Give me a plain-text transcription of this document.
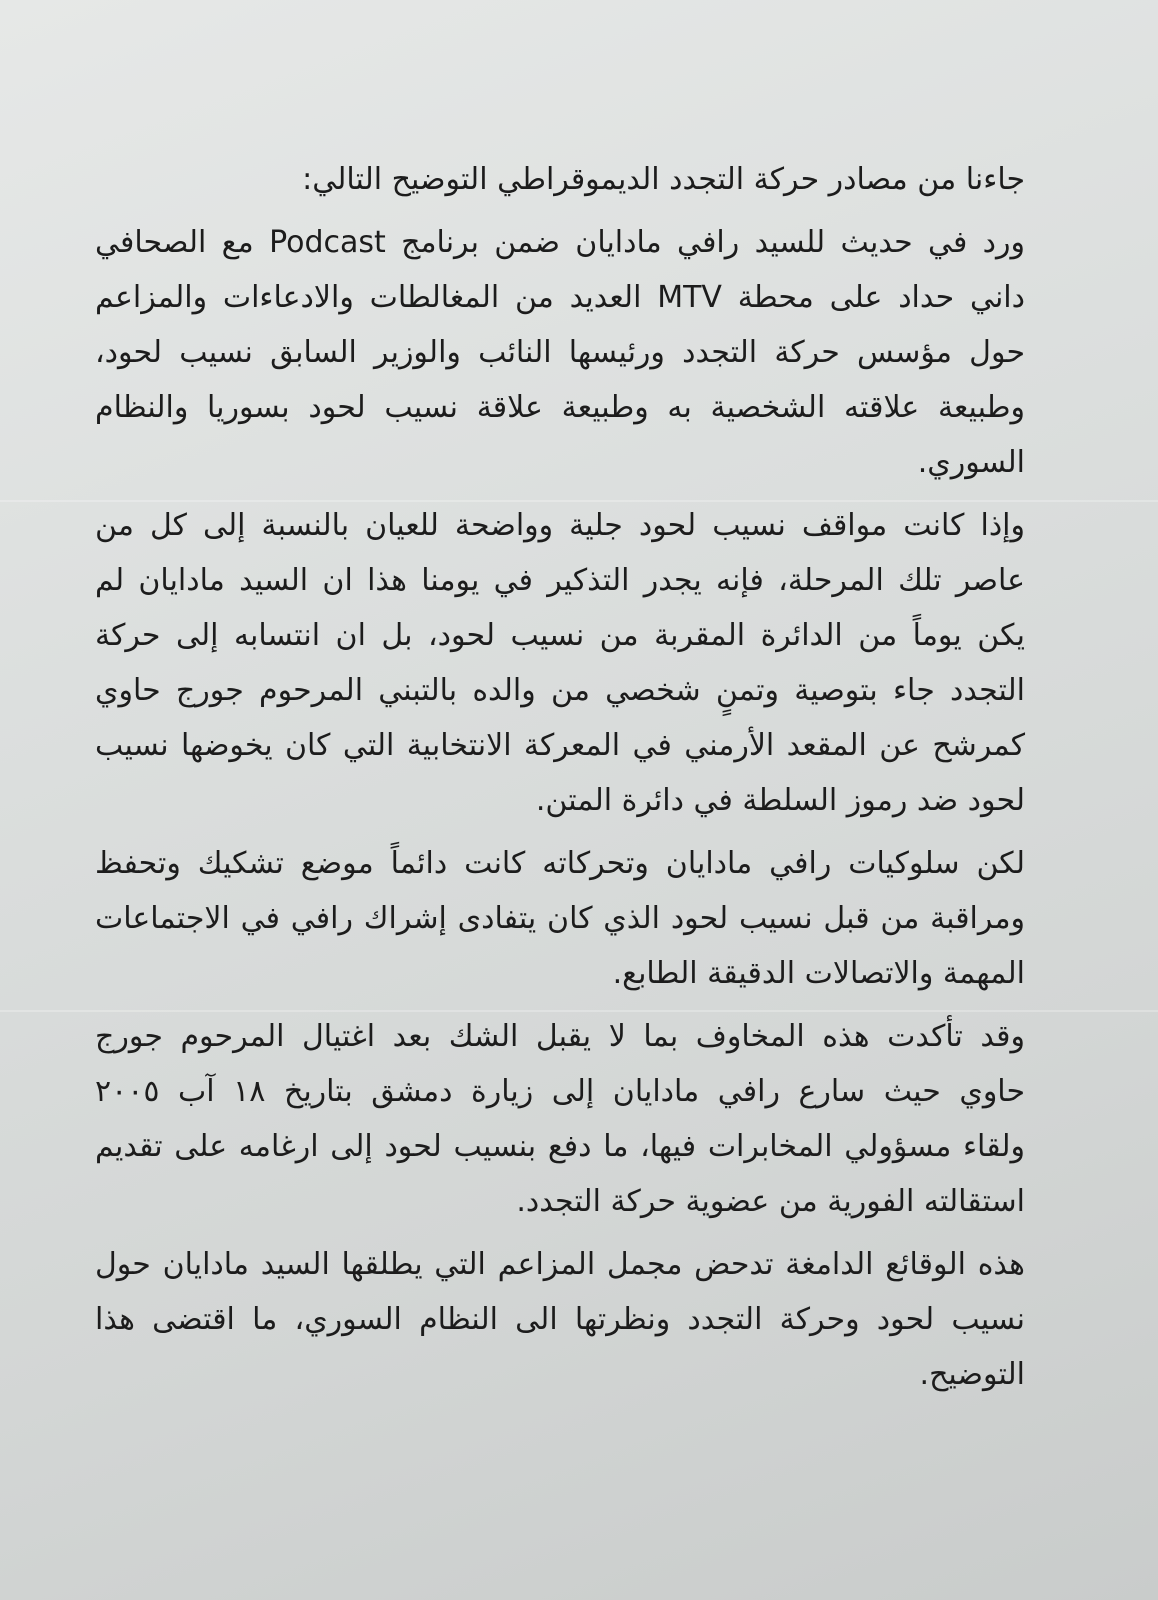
جاءنا من مصادر حركة التجدد الديموقراطي التوضيح التالي:
ورد في حديث للسيد رافي مادايان ضمن برنامج Podcast مع الصحافي
داني حداد على محطة MTV العديد من المغالطات والادعاءات والمزاعم
حول مؤسس حركة التجدد ورئيسها النائب والوزير السابق نسيب لحود،
وطبيعة علاقته الشخصية به وطبيعة علاقة نسيب لحود بسوريا والنظام
السوري.
وإذا كانت مواقف نسيب لحود جلية وواضحة للعيان بالنسبة إلى كل من
عاصر تلك المرحلة، فإنه يجدر التذكير في يومنا هذا ان السيد مادايان لم
يكن يوماً من الدائرة المقربة من نسيب لحود، بل ان انتسابه إلى حركة
التجدد جاء بتوصية وتمنٍ شخصي من والده بالتبني المرحوم جورج حاوي
كمرشح عن المقعد الأرمني في المعركة الانتخابية التي كان يخوضها نسيب
لحود ضد رموز السلطة في دائرة المتن.
لكن سلوكيات رافي مادايان وتحركاته كانت دائماً موضع تشكيك وتحفظ
ومراقبة من قبل نسيب لحود الذي كان يتفادى إشراك رافي في الاجتماعات
المهمة والاتصالات الدقيقة الطابع.
وقد تأكدت هذه المخاوف بما لا يقبل الشك بعد اغتيال المرحوم جورج
حاوي حيث سارع رافي مادايان إلى زيارة دمشق بتاريخ ١٨ آب ٢٠٠٥
ولقاء مسؤولي المخابرات فيها، ما دفع بنسيب لحود إلى ارغامه على تقديم
استقالته الفورية من عضوية حركة التجدد.
هذه الوقائع الدامغة تدحض مجمل المزاعم التي يطلقها السيد مادايان حول
نسيب لحود وحركة التجدد ونظرتها الى النظام السوري، ما اقتضى هذا
التوضيح.
